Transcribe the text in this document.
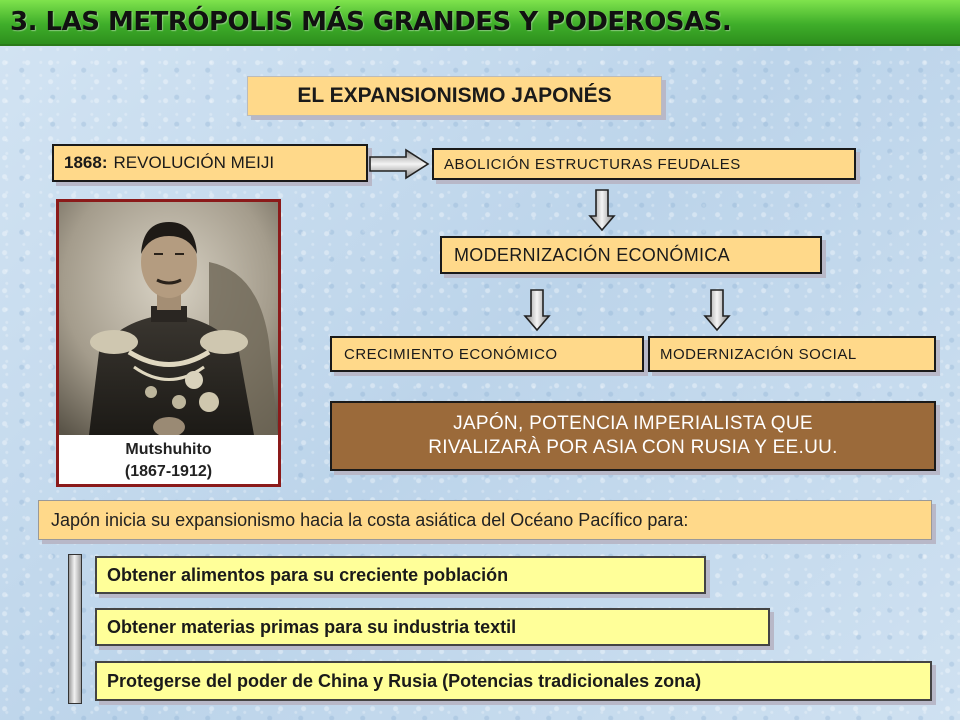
3. LAS METRÓPOLIS MÁS GRANDES Y PODEROSAS.
EL EXPANSIONISMO JAPONÉS
1868: REVOLUCIÓN MEIJI	ABOLICIÓN ESTRUCTURAS FEUDALES
MODERNIZACIÓN ECONÓMICA
CRECIMIENTO ECONÓMICO	MODERNIZACIÓN SOCIAL
JAPÓN, POTENCIA IMPERIALISTA QUE
RIVALIZARÀ POR ASIA CON RUSIA Y EE.UU.
Mutshuhito
(1867-1912)
Japón inicia su expansionismo hacia la costa asiática del Océano Pacífico para:
Obtener alimentos para su creciente población
Obtener materias primas para su industria textil
Protegerse del poder de China y Rusia (Potencias tradicionales zona)
